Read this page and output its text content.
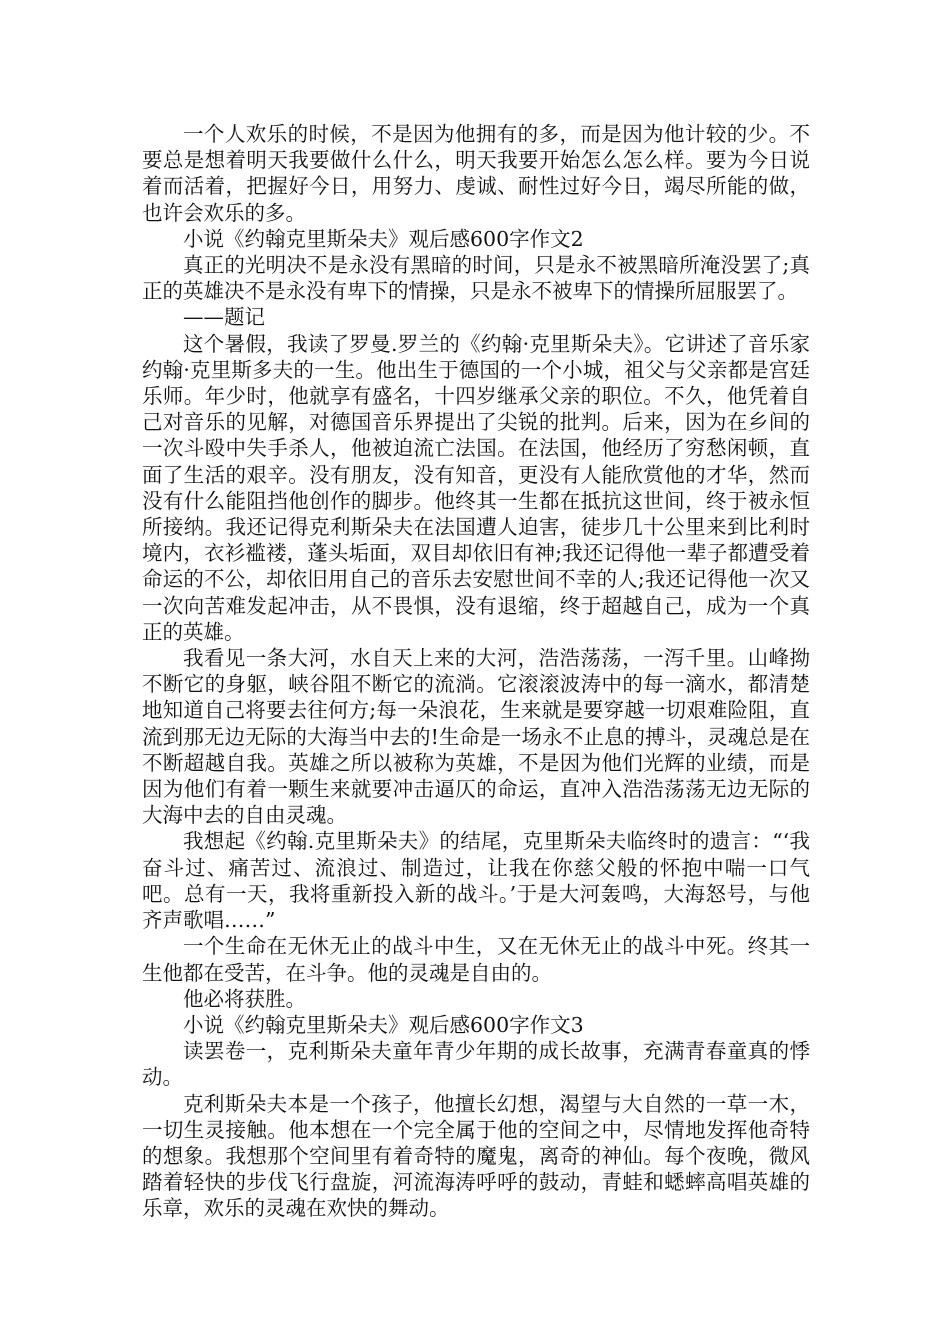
一个人欢乐的时候，不是因为他拥有的多，而是因为他计较的少。不要总是想着明天我要做什么什么，明天我要开始怎么怎么样。要为今日说着而活着，把握好今日，用努力、虔诚、耐性过好今日，竭尽所能的做，也许会欢乐的多。

小说《约翰克里斯朵夫》观后感600字作文2

真正的光明决不是永没有黑暗的时间，只是永不被黑暗所淹没罢了;真正的英雄决不是永没有卑下的情操，只是永不被卑下的情操所屈服罢了。

——题记

这个暑假，我读了罗曼.罗兰的《约翰·克里斯朵夫》。它讲述了音乐家约翰·克里斯多夫的一生。他出生于德国的一个小城，祖父与父亲都是宫廷乐师。年少时，他就享有盛名，十四岁继承父亲的职位。不久，他凭着自己对音乐的见解，对德国音乐界提出了尖锐的批判。后来，因为在乡间的一次斗殴中失手杀人，他被迫流亡法国。在法国，他经历了穷愁闲顿，直面了生活的艰辛。没有朋友，没有知音，更没有人能欣赏他的才华，然而没有什么能阻挡他创作的脚步。他终其一生都在抵抗这世间，终于被永恒所接纳。我还记得克利斯朵夫在法国遭人迫害，徒步几十公里来到比利时境内，衣衫褴褛，蓬头垢面，双目却依旧有神;我还记得他一辈子都遭受着命运的不公，却依旧用自己的音乐去安慰世间不幸的人;我还记得他一次又一次向苦难发起冲击，从不畏惧，没有退缩，终于超越自己，成为一个真正的英雄。

我看见一条大河，水自天上来的大河，浩浩荡荡，一泻千里。山峰拗不断它的身躯，峡谷阻不断它的流淌。它滚滚波涛中的每一滴水，都清楚地知道自己将要去往何方;每一朵浪花，生来就是要穿越一切艰难险阻，直流到那无边无际的大海当中去的!生命是一场永不止息的搏斗，灵魂总是在不断超越自我。英雄之所以被称为英雄，不是因为他们光辉的业绩，而是因为他们有着一颗生来就要冲击逼仄的命运，直冲入浩浩荡荡无边无际的大海中去的自由灵魂。

我想起《约翰.克里斯朵夫》的结尾，克里斯朵夫临终时的遗言：“‘我奋斗过、痛苦过、流浪过、制造过，让我在你慈父般的怀抱中喘一口气吧。总有一天，我将重新投入新的战斗。’于是大河轰鸣，大海怒号，与他齐声歌唱……”

一个生命在无休无止的战斗中生，又在无休无止的战斗中死。终其一生他都在受苦，在斗争。他的灵魂是自由的。

他必将获胜。

小说《约翰克里斯朵夫》观后感600字作文3

读罢卷一，克利斯朵夫童年青少年期的成长故事，充满青春童真的悸动。

克利斯朵夫本是一个孩子，他擅长幻想，渴望与大自然的一草一木，一切生灵接触。他本想在一个完全属于他的空间之中，尽情地发挥他奇特的想象。我想那个空间里有着奇特的魔鬼，离奇的神仙。每个夜晚，微风踏着轻快的步伐飞行盘旋，河流海涛呼呼的鼓动，青蛙和蟋蟀高唱英雄的乐章，欢乐的灵魂在欢快的舞动。
